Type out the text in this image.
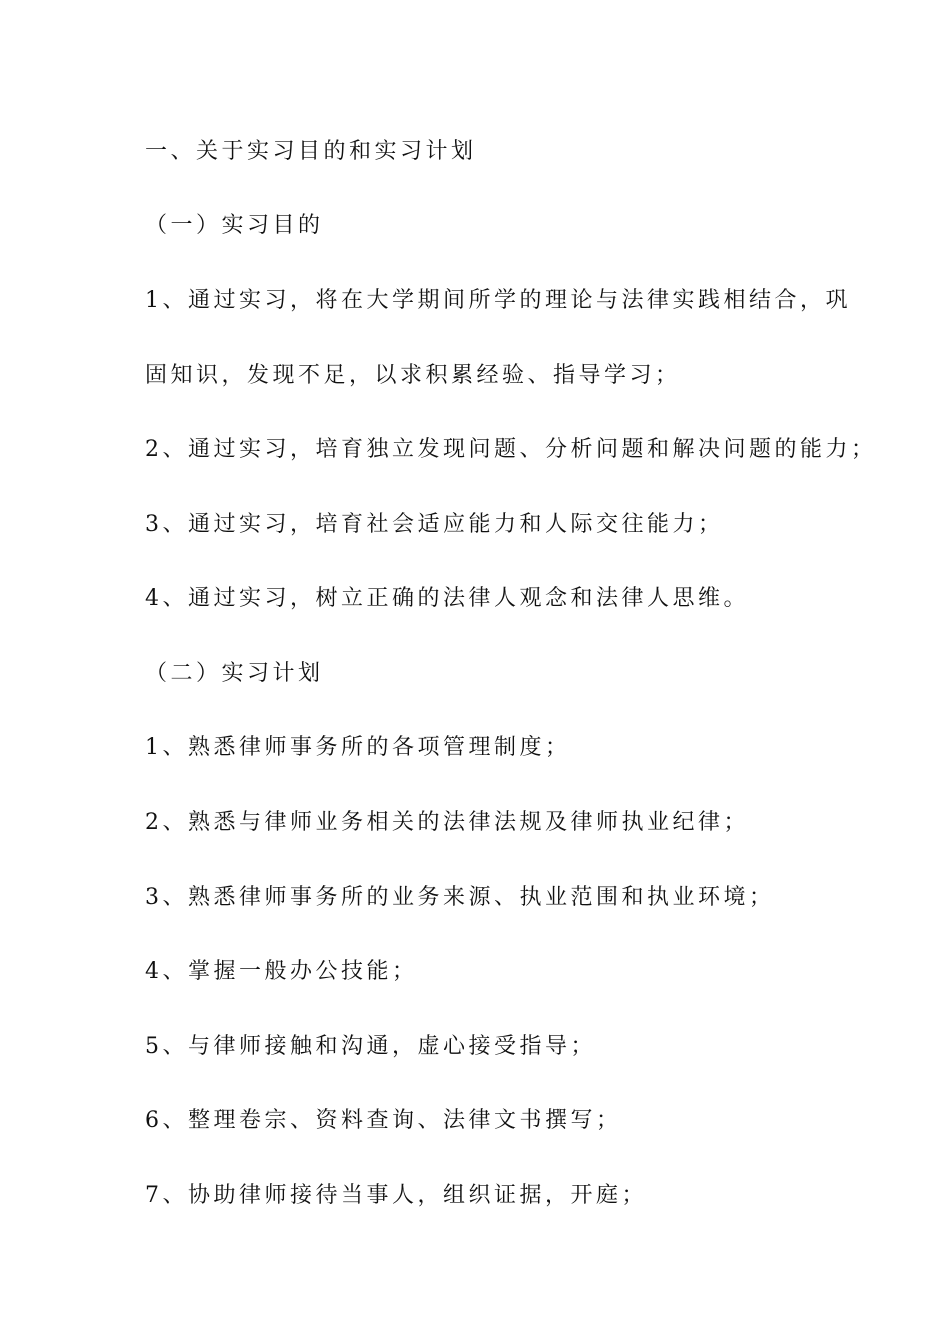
一、关于实习目的和实习计划
（一）实习目的
1、通过实习，将在大学期间所学的理论与法律实践相结合，巩
固知识，发现不足，以求积累经验、指导学习；
2、通过实习，培育独立发现问题、分析问题和解决问题的能力；
3、通过实习，培育社会适应能力和人际交往能力；
4、通过实习，树立正确的法律人观念和法律人思维。
（二）实习计划
1、熟悉律师事务所的各项管理制度；
2、熟悉与律师业务相关的法律法规及律师执业纪律；
3、熟悉律师事务所的业务来源、执业范围和执业环境；
4、掌握一般办公技能；
5、与律师接触和沟通，虚心接受指导；
6、整理卷宗、资料查询、法律文书撰写；
7、协助律师接待当事人，组织证据，开庭；
